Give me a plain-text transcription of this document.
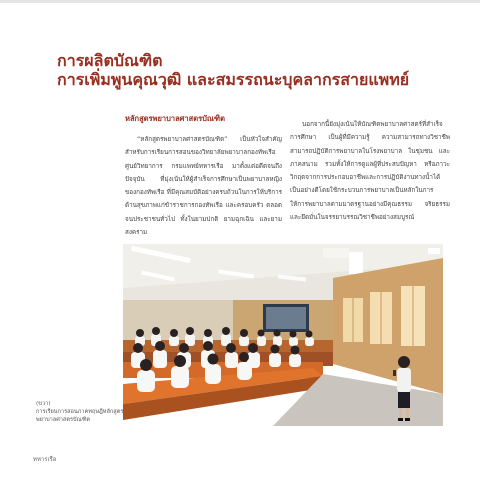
การผลิตบัณฑิต
การเพิ่มพูนคุณวุฒิ และสมรรถนะบุคลากรสายแพทย์
หลักสูตรพยาบาลศาสตรบัณฑิต

“หลักสูตรพยาบาลศาสตรบัณฑิต” เป็นหัวใจสำคัญสำหรับการเรียนการสอนของวิทยาลัยพยาบาลกองทัพเรือ ศูนย์วิทยาการ กรมแพทย์ทหารเรือ มาตั้งแต่อดีตจนถึงปัจจุบัน ที่มุ่งเน้นให้ผู้สำเร็จการศึกษาเป็นพยาบาลหญิงของกองทัพเรือ ที่มีคุณสมบัติอย่างครบถ้วนในการให้บริการด้านสุขภาพแก่ข้าราชการกองทัพเรือ และครอบครัว ตลอดจนประชาชนทั่วไป ทั้งในยามปกติ ยามฉุกเฉิน และยามสงคราม

นอกจากนี้ยังมุ่งเน้นให้บัณฑิตพยาบาลศาสตร์ที่สำเร็จการศึกษา เป็นผู้ที่มีความรู้ ความสามารถทางวิชาชีพสามารถปฏิบัติการพยาบาลในโรงพยาบาล ในชุมชน และภาคสนาม รวมทั้งให้การดูแลผู้ที่ประสบปัญหา หรือภาวะวิกฤตจากการประกอบอาชีพและการปฏิบัติงานทางน้ำได้เป็นอย่างดีโดยใช้กระบวนการพยาบาลเป็นหลักในการให้การพยาบาลตามมาตรฐานอย่างมีคุณธรรม จริยธรรม และยึดมั่นในจรรยาบรรณวิชาชีพอย่างสมบูรณ์

(ขวา)
การเรียนการสอนภาคทฤษฎีหลักสูตรพยาบาลศาสตรบัณฑิต
ทหารเรือ
